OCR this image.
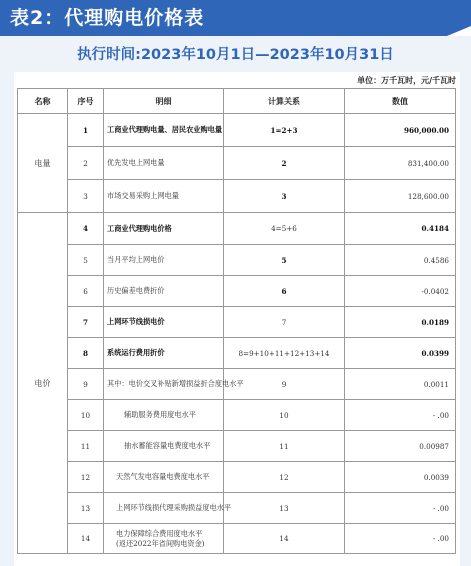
表2：代理购电价格表
执行时间:2023年10月1日—2023年10月31日
单位：万千瓦时，元/千瓦时
名称	序号	明细	计算关系	数值
电量	1	工商业代理购电量、居民农业购电量	1=2+3	960,000.00
	2	优先发电上网电量	2	831,400.00
	3	市场交易采购上网电量	3	128,600.00
电价	4	工商业代理购电价格	4=5+6	0.4184
	5	当月平均上网电价	5	0.4586
	6	历史偏差电费折价	6	-0.0402
	7	上网环节线损电价	7	0.0189
	8	系统运行费用折价	8=9+10+11+12+13+14	0.0399
	9	其中：电价交叉补贴新增损益折合度电水平	9	0.0011
	10	辅助服务费用度电水平	10	- .00
	11	抽水蓄能容量电费度电水平	11	0.00987
	12	天然气发电容量电费度电水平	12	0.0039
	13	上网环节线损代理采购损益度电水平	13	- .00
	14	电力保障综合费用度电水平
(返还2022年省间购电资金)	14	- .00
